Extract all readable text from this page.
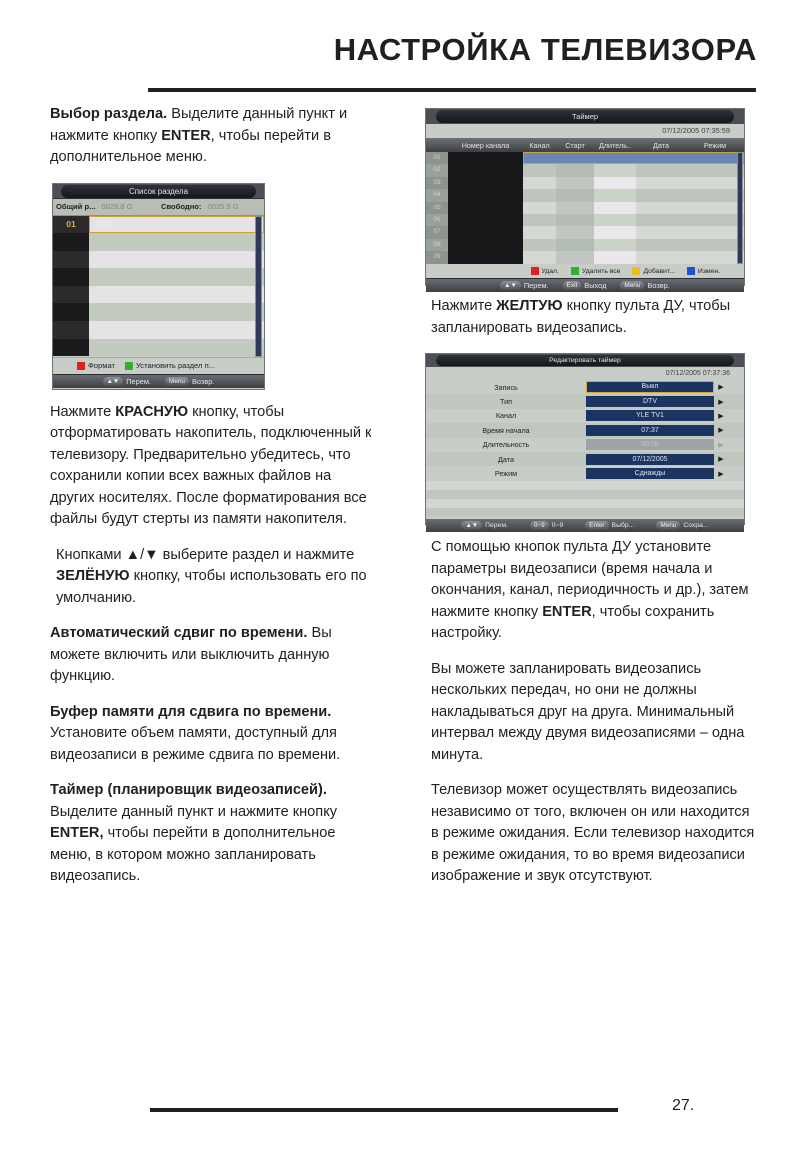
НАСТРОЙКА ТЕЛЕВИЗОРА

Выбор раздела. Выделите данный пункт и нажмите кнопку ENTER, чтобы перейти в дополнительное меню.

Список раздела
Общий р... 0028.8 G	Свободно: 0025.5 G
01	disk1
Формат	Установить раздел п...
▲▼ Перем.	Menu Возвр.

Нажмите КРАСНУЮ кнопку, чтобы отформатировать накопитель, подключенный к телевизору. Предварительно убедитесь, что сохранили копии всех важных файлов на других носителях. После форматирования все файлы будут стерты из памяти накопителя.

Кнопками ▲/▼ выберите раздел и нажмите ЗЕЛЁНУЮ кнопку, чтобы использовать его по умолчанию.

Автоматический сдвиг по времени. Вы можете включить или выключить данную функцию.

Буфер памяти для сдвига по времени. Установите объем памяти, доступный для видеозаписи в режиме сдвига по времени.

Таймер (планировщик видеозаписей). Выделите данный пункт и нажмите кнопку ENTER, чтобы перейти в дополнительное меню, в котором можно запланировать видеозапись.

Таймер
07/12/2005 07:35:59
Номер канала	Канал	Старт	Длитель..	Дата	Режим
01
02
03
04
05
06
07
08
09
Удал.	Удалить все	Добавит...	Измен.
▲▼ Перем.	Exit Выход	Menu Возвр.

Нажмите ЖЕЛТУЮ кнопку пульта ДУ, чтобы запланировать видеозапись.

Редактировать таймер
07/12/2005 07:37:36
Запись	Выкл	▶
Тип	DTV	▶
Канал	YLE TV1	▶
Время начала	07:37	▶
Длительность	00:00	▶
Дата	07/12/2005	▶
Режим	Сднажды	▶
▲▼	Перем.	0~9	0~9	Enter	Выбр...	Menu	Сохра...

С помощью кнопок пульта ДУ установите параметры видеозаписи (время начала и окончания, канал, периодичность и др.), затем нажмите кнопку ENTER, чтобы сохранить настройку.

Вы можете запланировать видеозапись нескольких передач, но они не должны накладываться друг на друга. Минимальный интервал между двумя видеозаписями – одна минута.

Телевизор может осуществлять видеозапись независимо от того, включен он или находится в режиме ожидания. Если телевизор находится в режиме ожидания, то во время видеозаписи изображение и звук отсутствуют.

27.
